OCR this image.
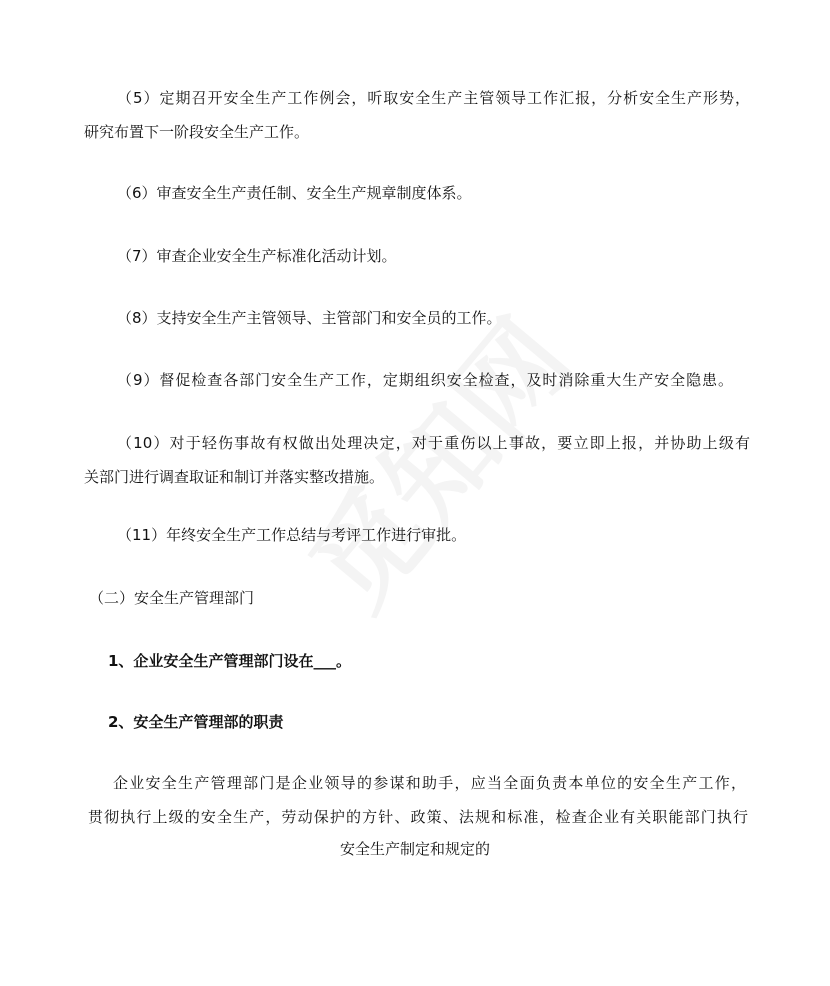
（5）定期召开安全生产工作例会，听取安全生产主管领导工作汇报，分析安全生产形势，
研究布置下一阶段安全生产工作。
（6）审查安全生产责任制、安全生产规章制度体系。
（7）审查企业安全生产标准化活动计划。
（8）支持安全生产主管领导、主管部门和安全员的工作。
（9）督促检查各部门安全生产工作，定期组织安全检查，及时消除重大生产安全隐患。
（10）对于轻伤事故有权做出处理决定，对于重伤以上事故，要立即上报，并协助上级有
关部门进行调查取证和制订并落实整改措施。
（11）年终安全生产工作总结与考评工作进行审批。
（二）安全生产管理部门
1、企业安全生产管理部门设在___。
2、安全生产管理部的职责
企业安全生产管理部门是企业领导的参谋和助手，应当全面负责本单位的安全生产工作，
贯彻执行上级的安全生产，劳动保护的方针、政策、法规和标准，检查企业有关职能部门执行
安全生产制定和规定的
